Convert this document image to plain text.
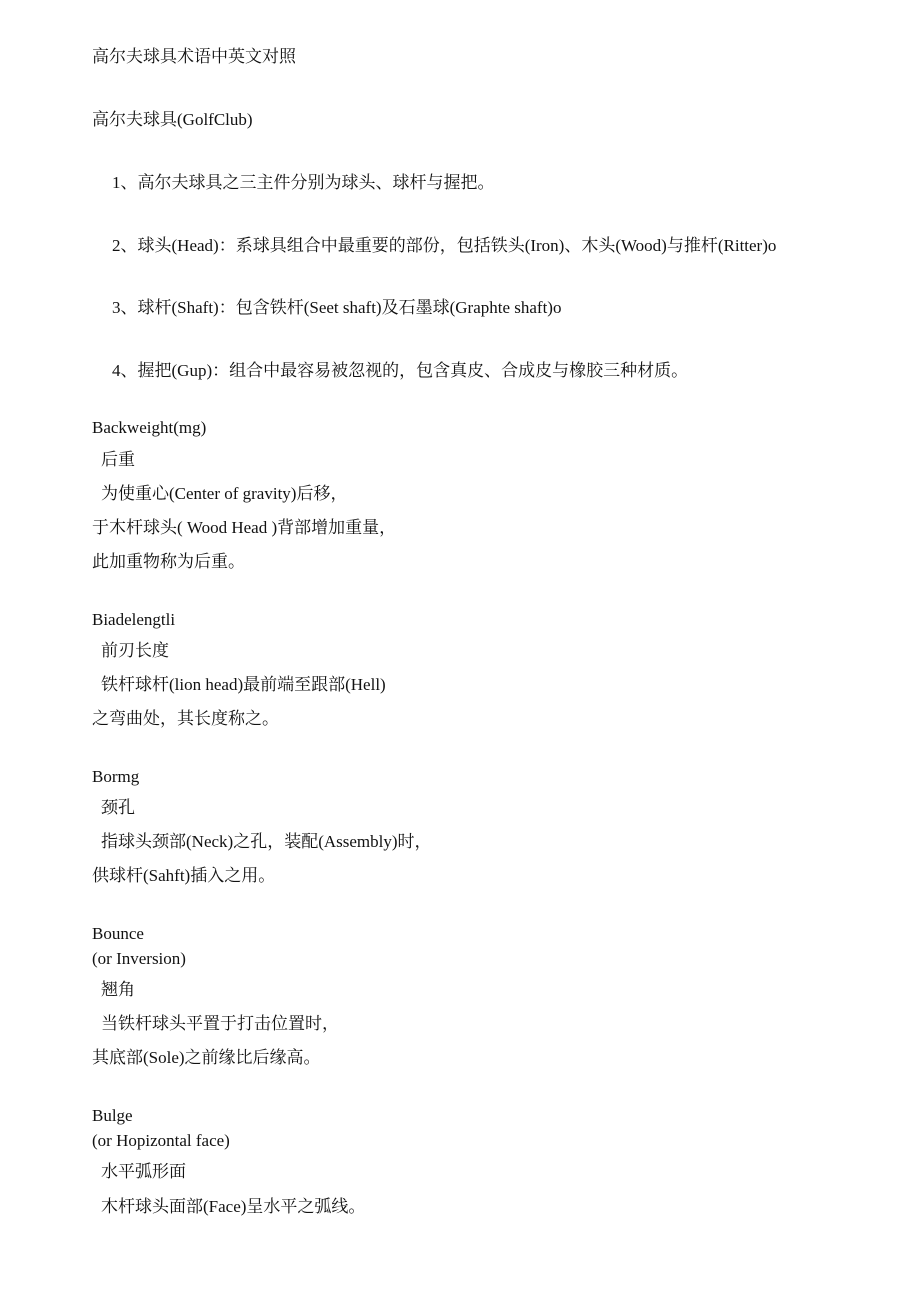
高尔夫球具术语中英文对照
高尔夫球具(GolfClub)
1、高尔夫球具之三主件分别为球头、球杆与握把。
2、球头(Head)：系球具组合中最重要的部份，包括铁头(Iron)、木头(Wood)与推杆(Ritter)o
3、球杆(Shaft)：包含铁杆(Seet shaft)及石墨球(Graphte shaft)o
4、握把(Gup)：组合中最容易被忽视的，包含真皮、合成皮与橡胶三种材质。
Backweight(mg)
后重
为使重心(Center of gravity)后移，
于木杆球头( Wood Head )背部增加重量，
此加重物称为后重。
Biadelengtli
前刃长度
铁杆球杆(lion head)最前端至跟部(Hell)
之弯曲处，其长度称之。
Bormg
颈孔
指球头颈部(Neck)之孔，装配(Assembly)时，
供球杆(Sahft)插入之用。
Bounce
(or Inversion)
翘角
当铁杆球头平置于打击位置时，
其底部(Sole)之前缘比后缘高。
Bulge
(or Hopizontal face)
水平弧形面
木杆球头面部(Face)呈水平之弧线。
